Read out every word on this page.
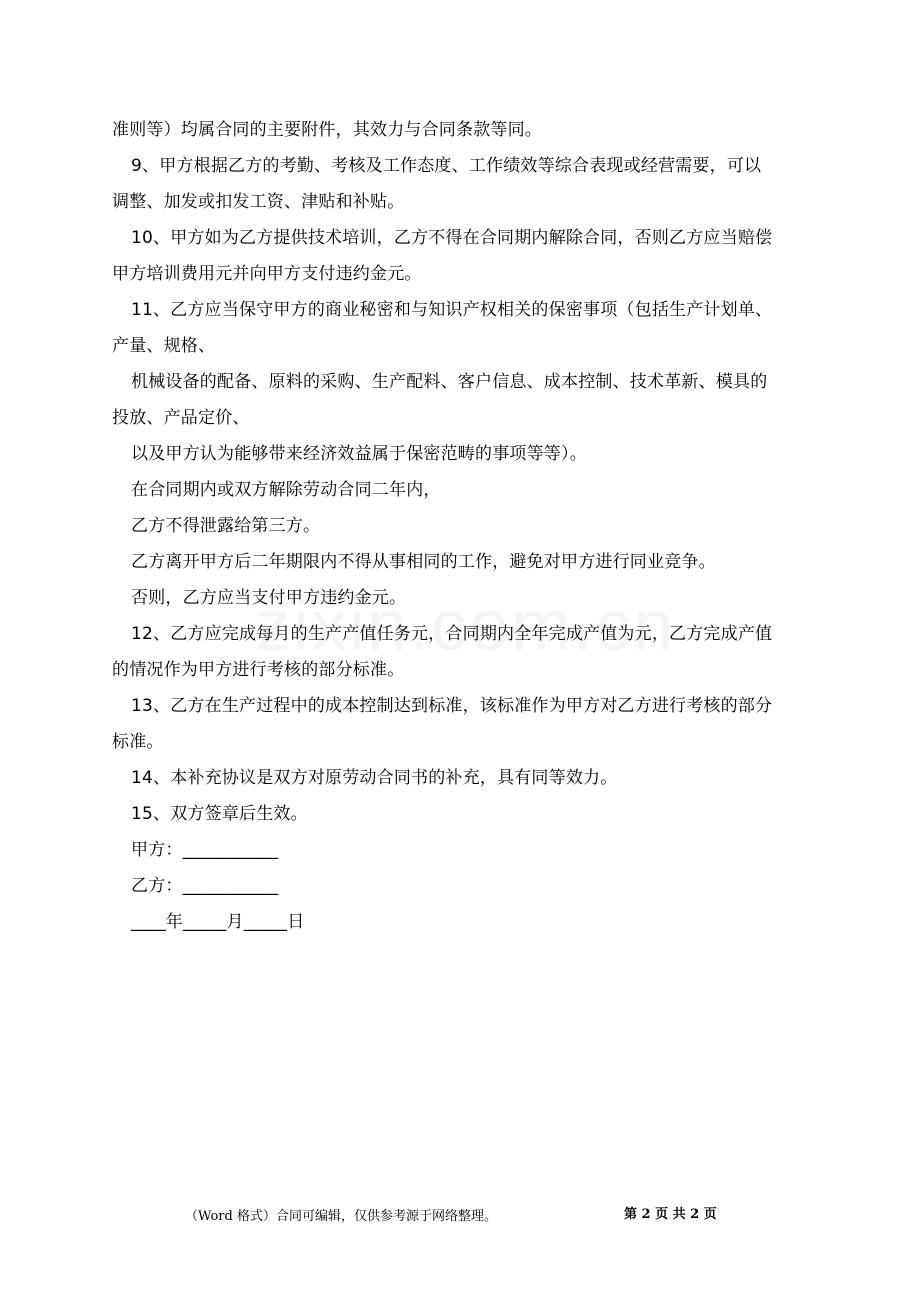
准则等）均属合同的主要附件，其效力与合同条款等同。
9、甲方根据乙方的考勤、考核及工作态度、工作绩效等综合表现或经营需要，可以
调整、加发或扣发工资、津贴和补贴。
10、甲方如为乙方提供技术培训，乙方不得在合同期内解除合同，否则乙方应当赔偿
甲方培训费用元并向甲方支付违约金元。
11、乙方应当保守甲方的商业秘密和与知识产权相关的保密事项（包括生产计划单、
产量、规格、
机械设备的配备、原料的采购、生产配料、客户信息、成本控制、技术革新、模具的
投放、产品定价、
以及甲方认为能够带来经济效益属于保密范畴的事项等等）。
在合同期内或双方解除劳动合同二年内，
乙方不得泄露给第三方。
乙方离开甲方后二年期限内不得从事相同的工作，避免对甲方进行同业竞争。
否则，乙方应当支付甲方违约金元。
12、乙方应完成每月的生产产值任务元，合同期内全年完成产值为元，乙方完成产值
的情况作为甲方进行考核的部分标准。
13、乙方在生产过程中的成本控制达到标准，该标准作为甲方对乙方进行考核的部分
标准。
14、本补充协议是双方对原劳动合同书的补充，具有同等效力。
15、双方签章后生效。
甲方：___________
乙方：___________
____年_____月_____日
（Word 格式）合同可编辑，仅供参考源于网络整理。	第 2 页 共 2 页
